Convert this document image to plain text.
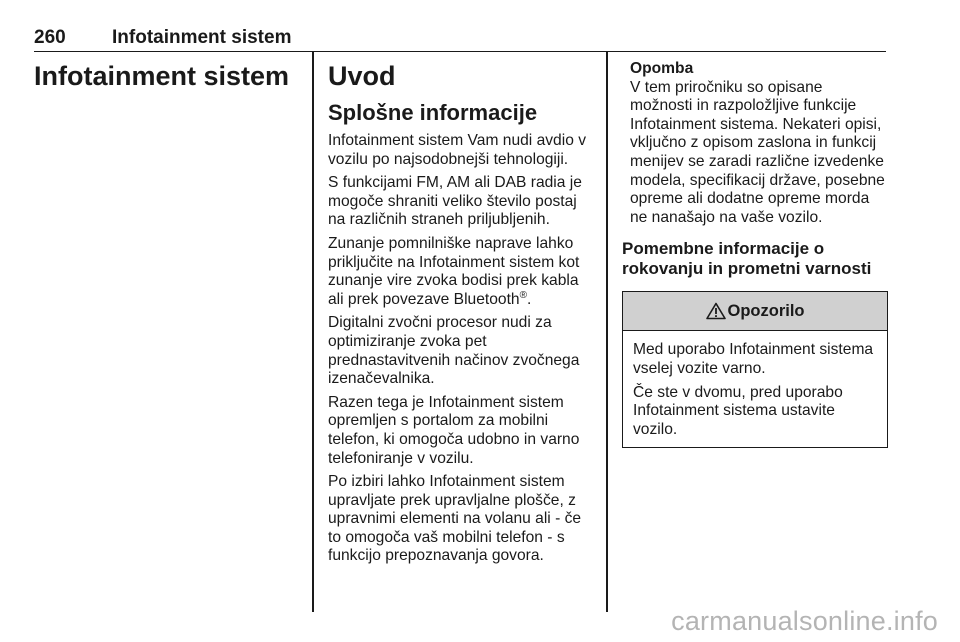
260 Infotainment sistem
Infotainment sistem	Uvod
Splošne informacije

Infotainment sistem Vam nudi avdio v vozilu po najsodobnejši tehnologiji.

S funkcijami FM, AM ali DAB radia je mogoče shraniti veliko število postaj na različnih straneh priljubljenih.

Zunanje pomnilniške naprave lahko priključite na Infotainment sistem kot zunanje vire zvoka bodisi prek kabla ali prek povezave Bluetooth®.

Digitalni zvočni procesor nudi za optimiziranje zvoka pet prednastavitvenih načinov zvočnega izenačevalnika.

Razen tega je Infotainment sistem opremljen s portalom za mobilni telefon, ki omogoča udobno in varno telefoniranje v vozilu.

Po izbiri lahko Infotainment sistem upravljate prek upravljalne plošče, z upravnimi elementi na volanu ali - če to omogoča vaš mobilni telefon - s funkcijo prepoznavanja govora.

Opomba
V tem priročniku so opisane možnosti in razpoložljive funkcije Infotainment sistema. Nekateri opisi, vključno z opisom zaslona in funkcij menijev se zaradi različne izvedenke modela, specifikacij države, posebne opreme ali dodatne opreme morda ne nanašajo na vaše vozilo.
Pomembne informacije o rokovanju in prometni varnosti
Opozorilo

Med uporabo Infotainment sistema vselej vozite varno.

Če ste v dvomu, pred uporabo Infotainment sistema ustavite vozilo.

carmanualsonline.info
